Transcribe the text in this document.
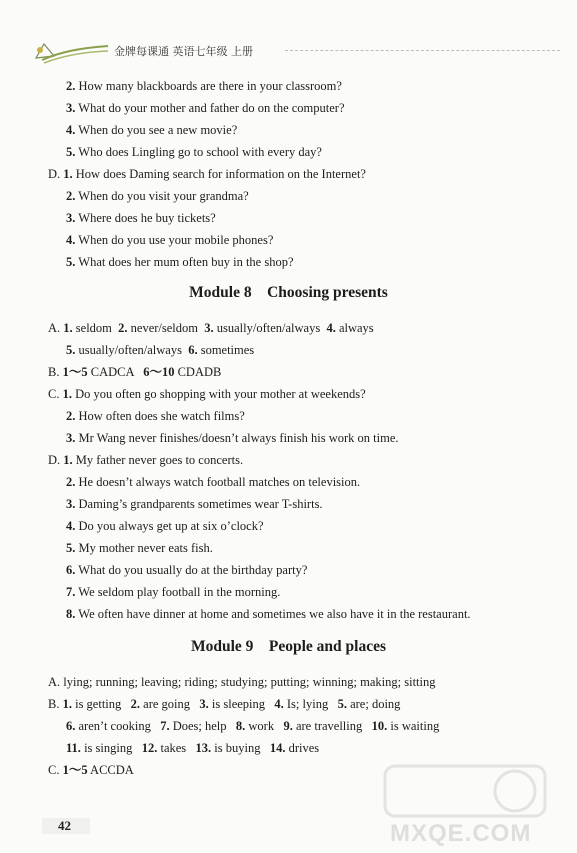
金牌每课通 英语七年级 上册
2. How many blackboards are there in your classroom?
3. What do your mother and father do on the computer?
4. When do you see a new movie?
5. Who does Lingling go to school with every day?
D. 1. How does Daming search for information on the Internet?
2. When do you visit your grandma?
3. Where does he buy tickets?
4. When do you use your mobile phones?
5. What does her mum often buy in the shop?
A. 1. seldom  2. never/seldom  3. usually/often/always  4. always
5. usually/often/always  6. sometimes
B. 1～5 CADCA   6～10 CDADB
C. 1. Do you often go shopping with your mother at weekends?
2. How often does she watch films?
3. Mr Wang never finishes/doesn’t always finish his work on time.
D. 1. My father never goes to concerts.
2. He doesn’t always watch football matches on television.
3. Daming’s grandparents sometimes wear T-shirts.
4. Do you always get up at six o’clock?
5. My mother never eats fish.
6. What do you usually do at the birthday party?
7. We seldom play football in the morning.
8. We often have dinner at home and sometimes we also have it in the restaurant.
A. lying; running; leaving; riding; studying; putting; winning; making; sitting
B. 1. is getting   2. are going   3. is sleeping   4. Is; lying   5. are; doing
6. aren’t cooking   7. Does; help   8. work   9. are travelling   10. is waiting
11. is singing   12. takes   13. is buying   14. drives
C. 1～5 ACCDA
Module 8    Choosing presents
Module 9    People and places
42	MXQE.COM
